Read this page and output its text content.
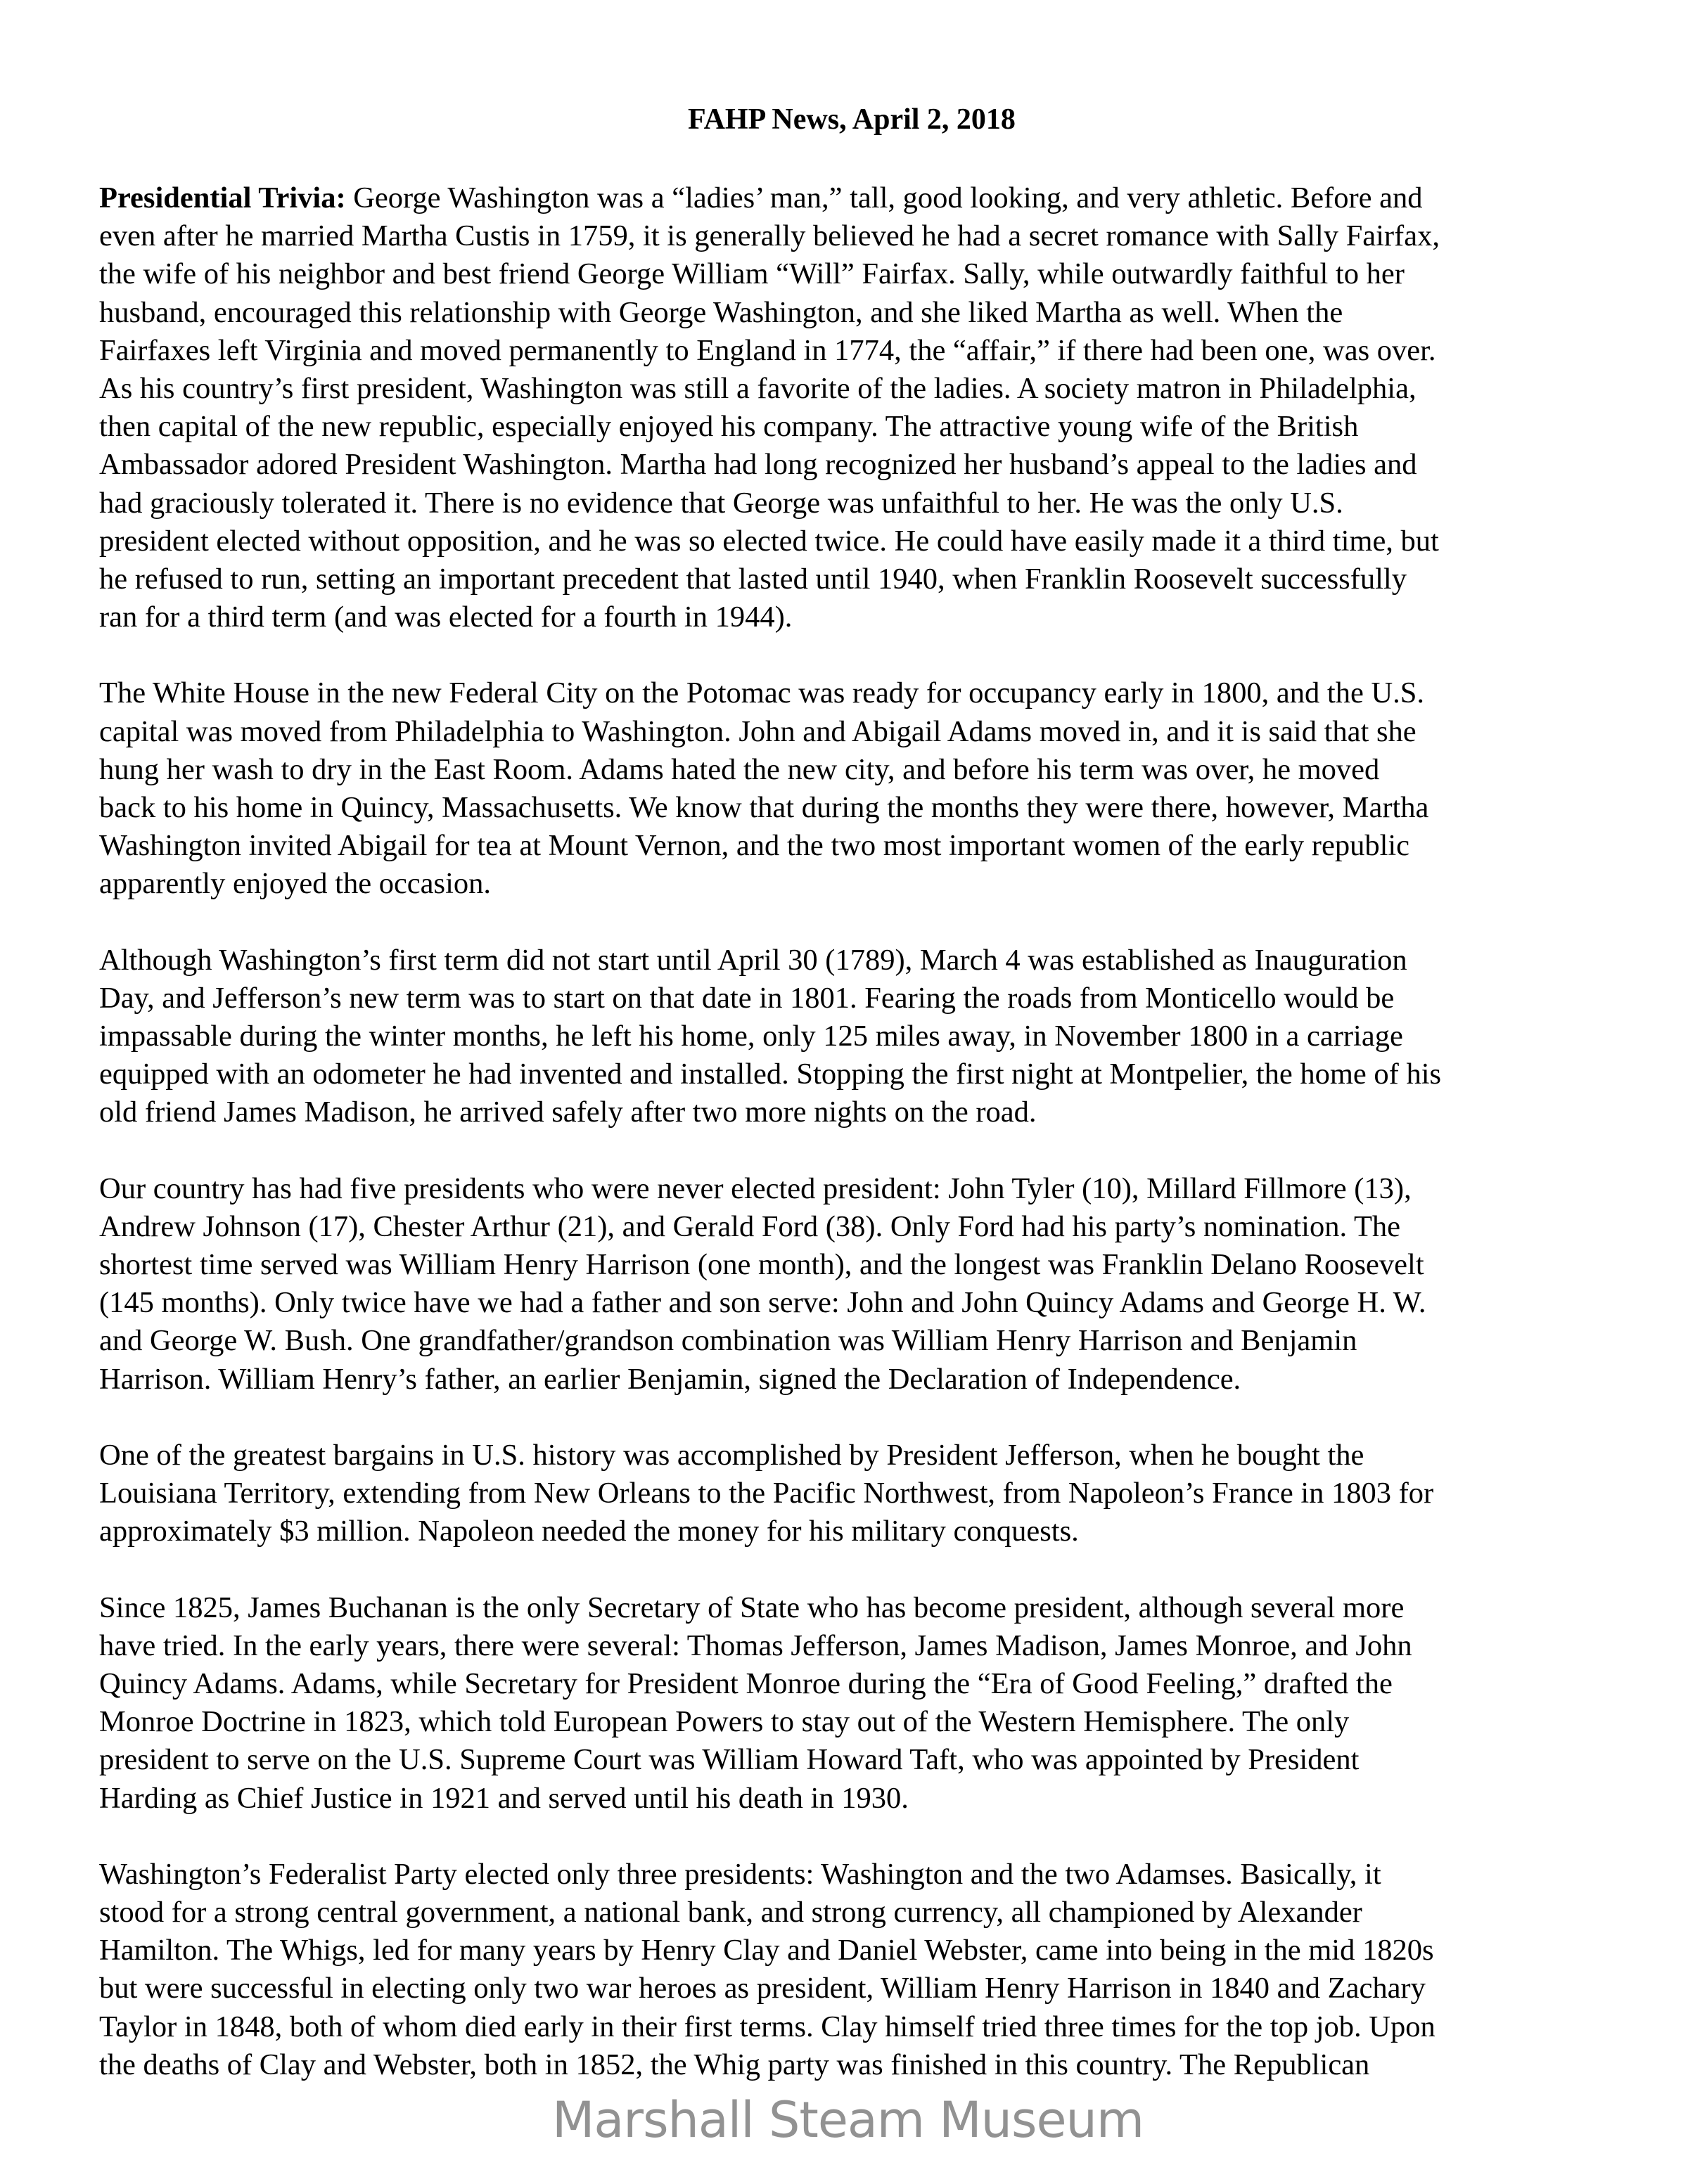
FAHP News, April 2, 2018
Presidential Trivia: George Washington was a “ladies’ man,” tall, good looking, and very athletic. Before and
even after he married Martha Custis in 1759, it is generally believed he had a secret romance with Sally Fairfax,
the wife of his neighbor and best friend George William “Will” Fairfax. Sally, while outwardly faithful to her
husband, encouraged this relationship with George Washington, and she liked Martha as well. When the
Fairfaxes left Virginia and moved permanently to England in 1774, the “affair,” if there had been one, was over.
As his country’s first president, Washington was still a favorite of the ladies. A society matron in Philadelphia,
then capital of the new republic, especially enjoyed his company. The attractive young wife of the British
Ambassador adored President Washington. Martha had long recognized her husband’s appeal to the ladies and
had graciously tolerated it. There is no evidence that George was unfaithful to her. He was the only U.S.
president elected without opposition, and he was so elected twice. He could have easily made it a third time, but
he refused to run, setting an important precedent that lasted until 1940, when Franklin Roosevelt successfully
ran for a third term (and was elected for a fourth in 1944).
The White House in the new Federal City on the Potomac was ready for occupancy early in 1800, and the U.S.
capital was moved from Philadelphia to Washington. John and Abigail Adams moved in, and it is said that she
hung her wash to dry in the East Room. Adams hated the new city, and before his term was over, he moved
back to his home in Quincy, Massachusetts. We know that during the months they were there, however, Martha
Washington invited Abigail for tea at Mount Vernon, and the two most important women of the early republic
apparently enjoyed the occasion.
Although Washington’s first term did not start until April 30 (1789), March 4 was established as Inauguration
Day, and Jefferson’s new term was to start on that date in 1801. Fearing the roads from Monticello would be
impassable during the winter months, he left his home, only 125 miles away, in November 1800 in a carriage
equipped with an odometer he had invented and installed. Stopping the first night at Montpelier, the home of his
old friend James Madison, he arrived safely after two more nights on the road.
Our country has had five presidents who were never elected president: John Tyler (10), Millard Fillmore (13),
Andrew Johnson (17), Chester Arthur (21), and Gerald Ford (38). Only Ford had his party’s nomination. The
shortest time served was William Henry Harrison (one month), and the longest was Franklin Delano Roosevelt
(145 months). Only twice have we had a father and son serve: John and John Quincy Adams and George H. W.
and George W. Bush. One grandfather/grandson combination was William Henry Harrison and Benjamin
Harrison. William Henry’s father, an earlier Benjamin, signed the Declaration of Independence.
One of the greatest bargains in U.S. history was accomplished by President Jefferson, when he bought the
Louisiana Territory, extending from New Orleans to the Pacific Northwest, from Napoleon’s France in 1803 for
approximately $3 million. Napoleon needed the money for his military conquests.
Since 1825, James Buchanan is the only Secretary of State who has become president, although several more
have tried. In the early years, there were several: Thomas Jefferson, James Madison, James Monroe, and John
Quincy Adams. Adams, while Secretary for President Monroe during the “Era of Good Feeling,” drafted the
Monroe Doctrine in 1823, which told European Powers to stay out of the Western Hemisphere. The only
president to serve on the U.S. Supreme Court was William Howard Taft, who was appointed by President
Harding as Chief Justice in 1921 and served until his death in 1930.
Washington’s Federalist Party elected only three presidents: Washington and the two Adamses. Basically, it
stood for a strong central government, a national bank, and strong currency, all championed by Alexander
Hamilton. The Whigs, led for many years by Henry Clay and Daniel Webster, came into being in the mid 1820s
but were successful in electing only two war heroes as president, William Henry Harrison in 1840 and Zachary
Taylor in 1848, both of whom died early in their first terms. Clay himself tried three times for the top job. Upon
the deaths of Clay and Webster, both in 1852, the Whig party was finished in this country. The Republican
Marshall Steam Museum
